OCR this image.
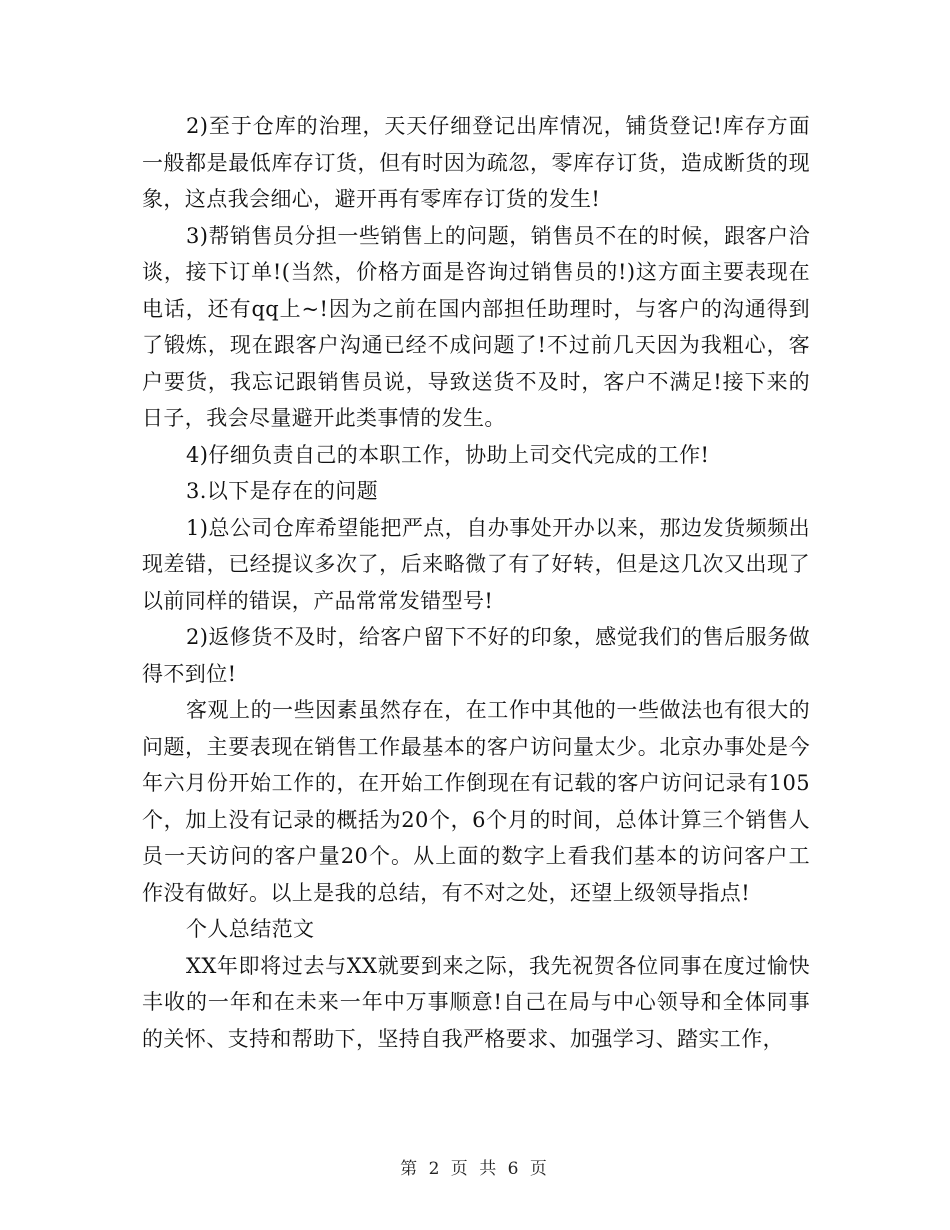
2)至于仓库的治理，天天仔细登记出库情况，铺货登记!库存方面一般都是最低库存订货，但有时因为疏忽，零库存订货，造成断货的现象，这点我会细心，避开再有零库存订货的发生!

3)帮销售员分担一些销售上的问题，销售员不在的时候，跟客户洽谈，接下订单!(当然，价格方面是咨询过销售员的!)这方面主要表现在电话，还有qq上~!因为之前在国内部担任助理时，与客户的沟通得到了锻炼，现在跟客户沟通已经不成问题了!不过前几天因为我粗心，客户要货，我忘记跟销售员说，导致送货不及时，客户不满足!接下来的日子，我会尽量避开此类事情的发生。

4)仔细负责自己的本职工作，协助上司交代完成的工作!

3.以下是存在的问题

1)总公司仓库希望能把严点，自办事处开办以来，那边发货频频出现差错，已经提议多次了，后来略微了有了好转，但是这几次又出现了以前同样的错误，产品常常发错型号!

2)返修货不及时，给客户留下不好的印象，感觉我们的售后服务做得不到位!

客观上的一些因素虽然存在，在工作中其他的一些做法也有很大的问题，主要表现在销售工作最基本的客户访问量太少。北京办事处是今年六月份开始工作的，在开始工作倒现在有记载的客户访问记录有105个，加上没有记录的概括为20个，6个月的时间，总体计算三个销售人员一天访问的客户量20个。从上面的数字上看我们基本的访问客户工作没有做好。以上是我的总结，有不对之处，还望上级领导指点!

个人总结范文

XX年即将过去与XX就要到来之际，我先祝贺各位同事在度过愉快丰收的一年和在未来一年中万事顺意!自己在局与中心领导和全体同事的关怀、支持和帮助下，坚持自我严格要求、加强学习、踏实工作，

第 2 页 共 6 页
